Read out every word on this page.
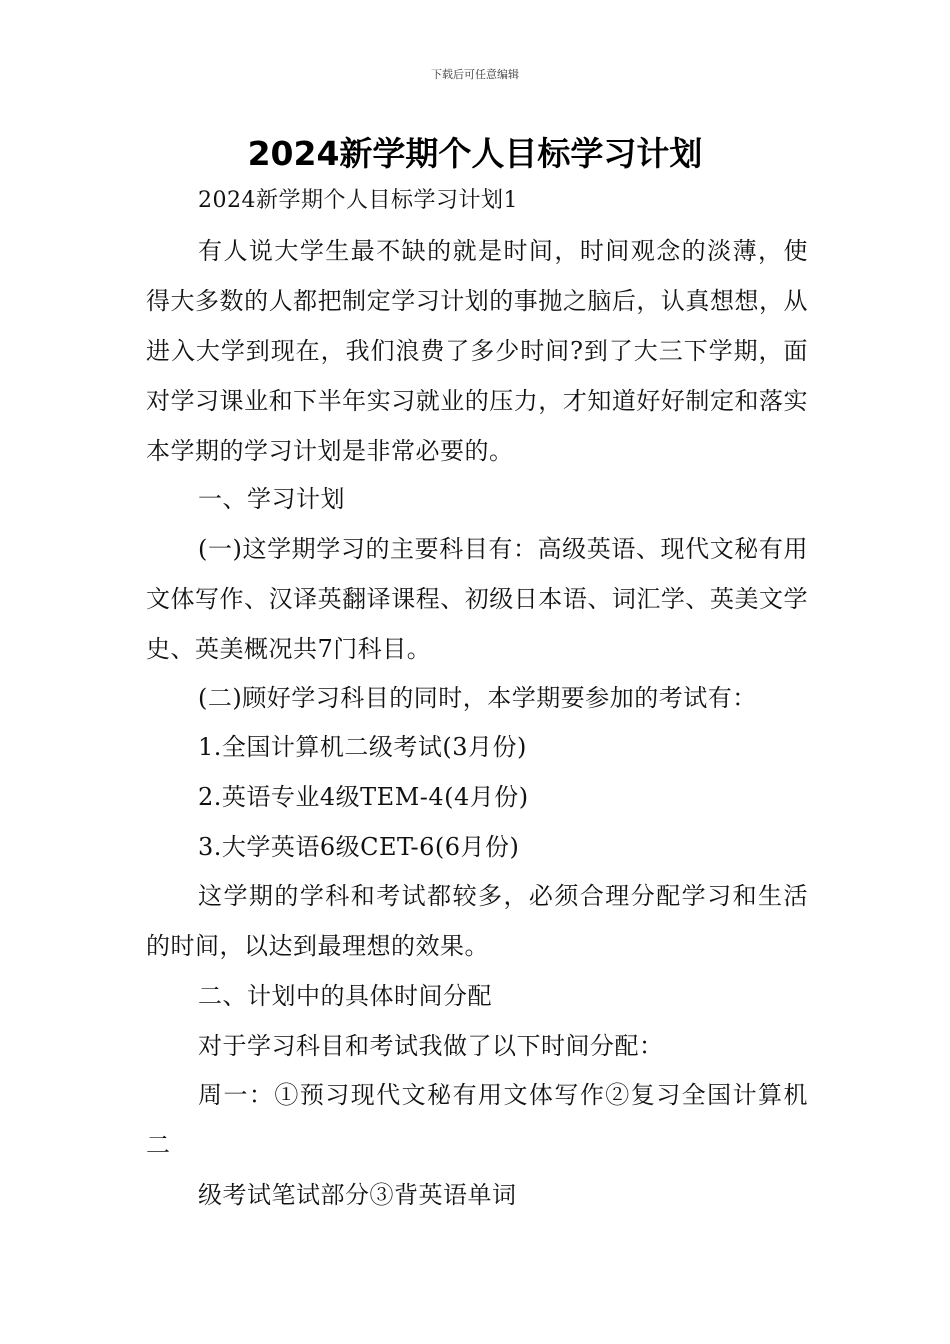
下载后可任意编辑
2024新学期个人目标学习计划
2024新学期个人目标学习计划1
有人说大学生最不缺的就是时间，时间观念的淡薄，使得大多数的人都把制定学习计划的事抛之脑后，认真想想，从进入大学到现在，我们浪费了多少时间?到了大三下学期，面对学习课业和下半年实习就业的压力，才知道好好制定和落实本学期的学习计划是非常必要的。
一、学习计划
(一)这学期学习的主要科目有：高级英语、现代文秘有用文体写作、汉译英翻译课程、初级日本语、词汇学、英美文学史、英美概况共7门科目。
(二)顾好学习科目的同时，本学期要参加的考试有：
1.全国计算机二级考试(3月份)
2.英语专业4级TEM-4(4月份)
3.大学英语6级CET-6(6月份)
这学期的学科和考试都较多，必须合理分配学习和生活的时间，以达到最理想的效果。
二、计划中的具体时间分配
对于学习科目和考试我做了以下时间分配：
周一：①预习现代文秘有用文体写作②复习全国计算机二
级考试笔试部分③背英语单词
